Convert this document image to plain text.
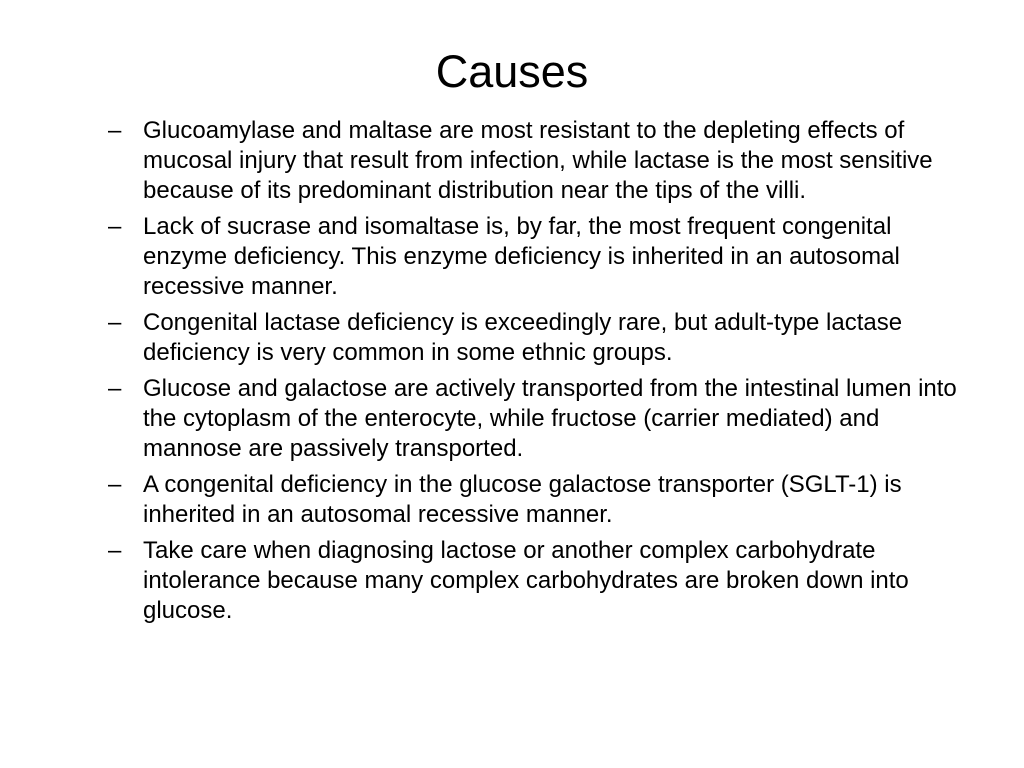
Causes
– Glucoamylase and maltase are most resistant to the depleting effects of mucosal injury that result from infection, while lactase is the most sensitive because of its predominant distribution near the tips of the villi.
– Lack of sucrase and isomaltase is, by far, the most frequent congenital enzyme deficiency. This enzyme deficiency is inherited in an autosomal recessive manner.
– Congenital lactase deficiency is exceedingly rare, but adult-type lactase deficiency is very common in some ethnic groups.
– Glucose and galactose are actively transported from the intestinal lumen into the cytoplasm of the enterocyte, while fructose (carrier mediated) and mannose are passively transported.
– A congenital deficiency in the glucose galactose transporter (SGLT-1) is inherited in an autosomal recessive manner.
– Take care when diagnosing lactose or another complex carbohydrate intolerance because many complex carbohydrates are broken down into glucose.
